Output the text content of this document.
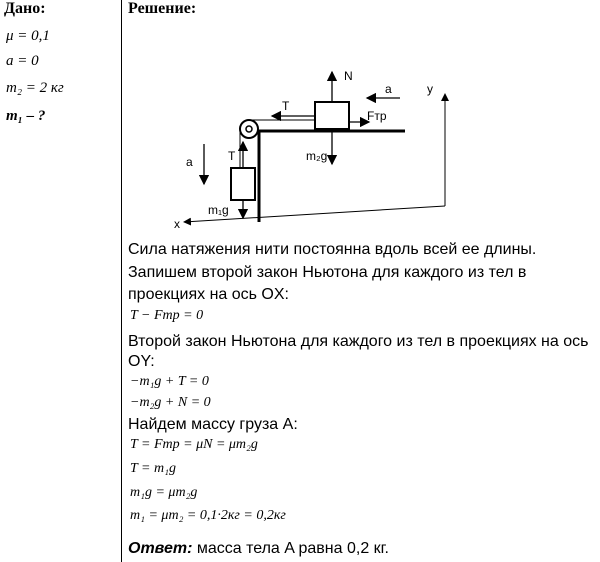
Дано:
μ = 0,1
a = 0
m₂ = 2 кг
m₁ – ?
Решение:
N
a	y
T
Fтр
T	m₂g
a
m₁g
x
Сила натяжения нити постоянна вдоль всей ее длины.
Запишем второй закон Ньютона для каждого из тел в
проекциях на ось OX:
T − Fтр = 0
Второй закон Ньютона для каждого из тел в проекциях на ось
OY:
−m₁g + T = 0
−m₂g + N = 0
Найдем массу груза A:
T = Fтр = μN = μm₂g
T = m₁g
m₁g = μm₂g
m₁ = μm₂ = 0,1·2кг = 0,2кг
Ответ: масса тела A равна 0,2 кг.
